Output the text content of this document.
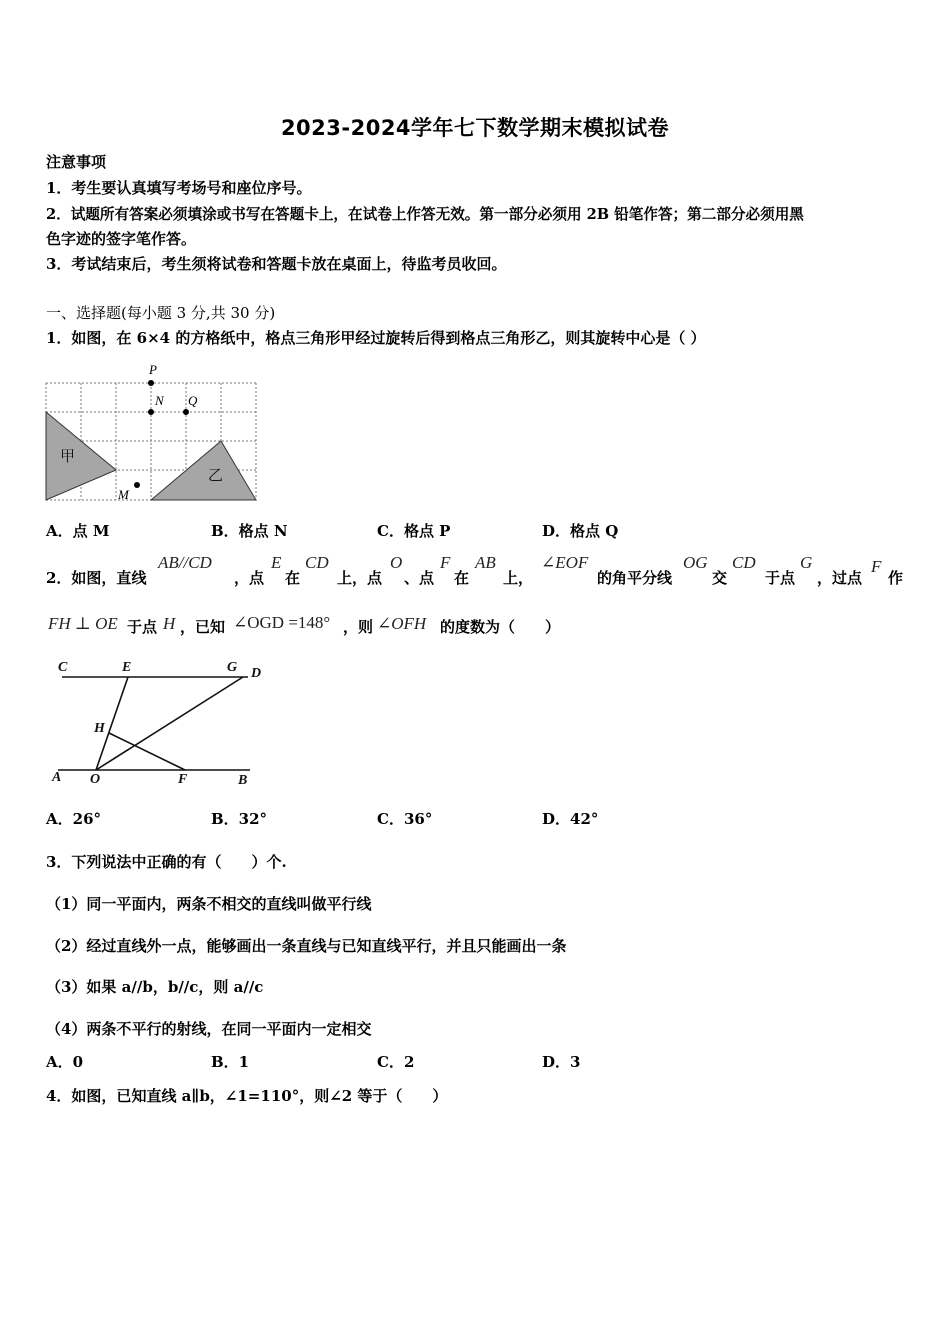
2023-2024学年七下数学期末模拟试卷
注意事项
1．考生要认真填写考场号和座位序号。
2．试题所有答案必须填涂或书写在答题卡上，在试卷上作答无效。第一部分必须用 2B 铅笔作答；第二部分必须用黑
色字迹的签字笔作答。
3．考试结束后，考生须将试卷和答题卡放在桌面上，待监考员收回。
一、选择题(每小题 3 分,共 30 分)
1．如图，在 6×4 的方格纸中，格点三角形甲经过旋转后得到格点三角形乙，则其旋转中心是（ ）
甲
乙
P
N Q
M
A．点 M	B．格点 N	C．格点 P	D．格点 Q
2．如图，直线
AB//CD
，点
E
在
CD
上，点
O
、点
F
在
AB
上，
∠EOF
的角平分线
OG
交
CD
于点
G
，过点
F
作
FH ⊥ OE 于点 H ，已知 ∠OGD =148° ，则 ∠OFH 的度数为（　　）
C	E	G D
H
A O	F	B
A．26°	B．32°	C．36°	D．42°
3．下列说法中正确的有（　　）个.
（1）同一平面内，两条不相交的直线叫做平行线
（2）经过直线外一点，能够画出一条直线与已知直线平行，并且只能画出一条
（3）如果 a//b，b//c，则 a//c
（4）两条不平行的射线，在同一平面内一定相交
A．0	B．1	C．2	D．3
4．如图，已知直线 a∥b，∠1=110°，则∠2 等于（　　）
